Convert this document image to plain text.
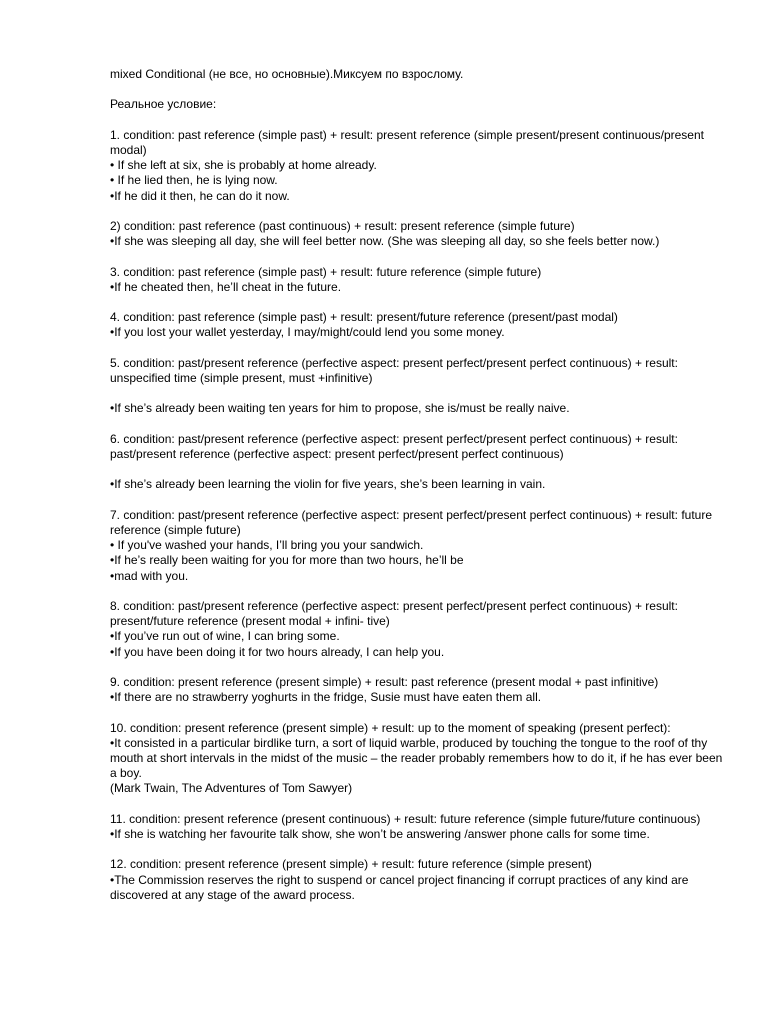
mixed Conditional (не все, но основные).Миксуем по взрослому.
Реальное условие:
1. condition: past reference (simple past) + result: present reference (simple present/present continuous/present modal)
• If she left at six, she is probably at home already.
• If he lied then, he is lying now.
•If he did it then, he can do it now.
2) condition: past reference (past continuous) + result: present reference (simple future)
•If she was sleeping all day, she will feel better now. (She was sleeping all day, so she feels better now.)
3. condition: past reference (simple past) + result: future reference (simple future)
•If he cheated then, he’ll cheat in the future.
4. condition: past reference (simple past) + result: present/future reference (present/past modal)
•If you lost your wallet yesterday, I may/might/could lend you some money.
5. condition: past/present reference (perfective aspect: present perfect/present perfect continuous) + result: unspecified time (simple present, must +infinitive)
•If she’s already been waiting ten years for him to propose, she is/must be really naive.
6. condition: past/present reference (perfective aspect: present perfect/present perfect continuous) + result: past/present reference (perfective aspect: present perfect/present perfect continuous)
•If she’s already been learning the violin for five years, she’s been learning in vain.
7. condition: past/present reference (perfective aspect: present perfect/present perfect continuous) + result: future reference (simple future)
• If you've washed your hands, I’ll bring you your sandwich.
•If he’s really been waiting for you for more than two hours, he’ll be
•mad with you.
8. condition: past/present reference (perfective aspect: present perfect/present perfect continuous) + result: present/future reference (present modal + infini- tive)
•If you’ve run out of wine, I can bring some.
•If you have been doing it for two hours already, I can help you.
9. condition: present reference (present simple) + result: past reference (present modal + past infinitive)
•If there are no strawberry yoghurts in the fridge, Susie must have eaten them all.
10. condition: present reference (present simple) + result: up to the moment of speaking (present perfect):
•It consisted in a particular birdlike turn, a sort of liquid warble, produced by touching the tongue to the roof of thy mouth at short intervals in the midst of the music – the reader probably remembers how to do it, if he has ever been a boy.
(Mark Twain, The Adventures of Tom Sawyer)
11. condition: present reference (present continuous) + result: future reference (simple future/future continuous)
•If she is watching her favourite talk show, she won’t be answering /answer phone calls for some time.
12. condition: present reference (present simple) + result: future reference (simple present)
•The Commission reserves the right to suspend or cancel project financing if corrupt practices of any kind are discovered at any stage of the award process.
